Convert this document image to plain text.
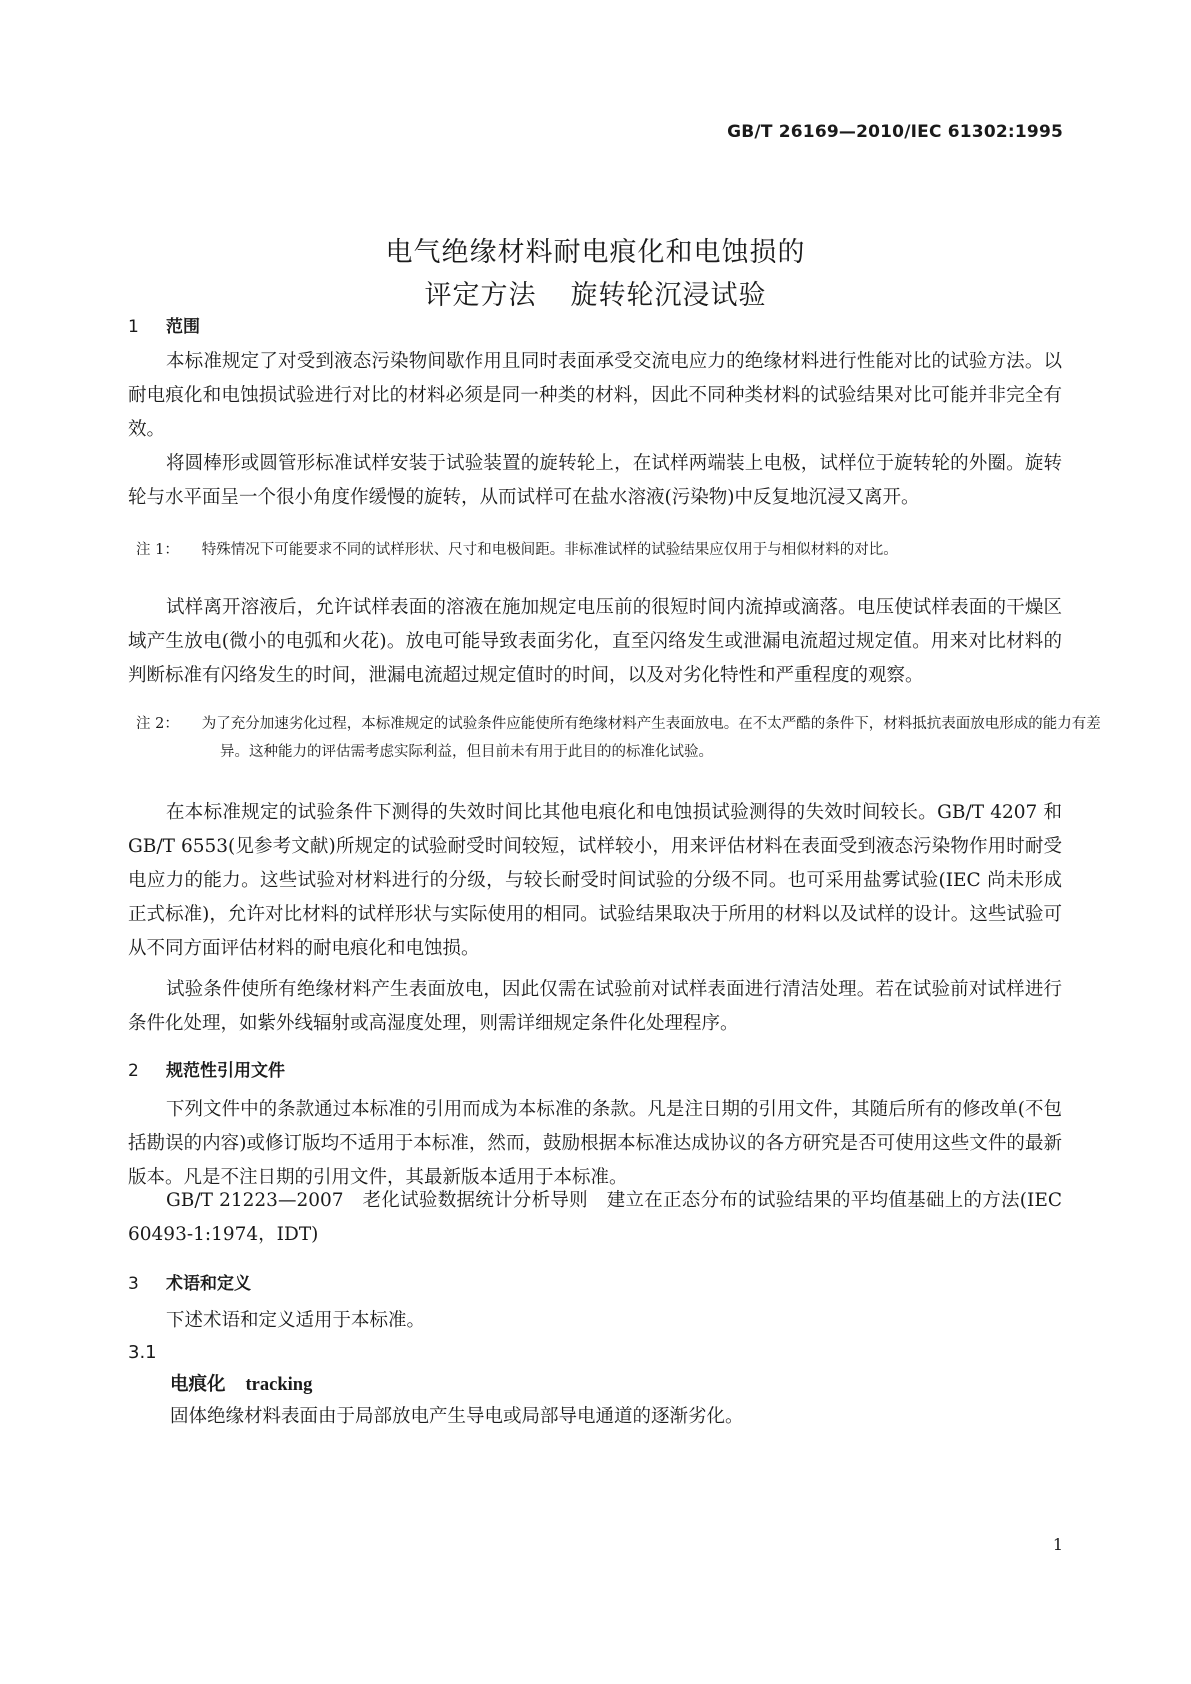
GB/T 26169—2010/IEC 61302:1995
电气绝缘材料耐电痕化和电蚀损的
评定方法 旋转轮沉浸试验
1 范围

本标准规定了对受到液态污染物间歇作用且同时表面承受交流电应力的绝缘材料进行性能对比的试验方法。以耐电痕化和电蚀损试验进行对比的材料必须是同一种类的材料，因此不同种类材料的试验结果对比可能并非完全有效。

将圆棒形或圆管形标准试样安装于试验装置的旋转轮上，在试样两端装上电极，试样位于旋转轮的外圈。旋转轮与水平面呈一个很小角度作缓慢的旋转，从而试样可在盐水溶液(污染物)中反复地沉浸又离开。

注 1： 特殊情况下可能要求不同的试样形状、尺寸和电极间距。非标准试样的试验结果应仅用于与相似材料的对比。

试样离开溶液后，允许试样表面的溶液在施加规定电压前的很短时间内流掉或滴落。电压使试样表面的干燥区域产生放电(微小的电弧和火花)。放电可能导致表面劣化，直至闪络发生或泄漏电流超过规定值。用来对比材料的判断标准有闪络发生的时间，泄漏电流超过规定值时的时间，以及对劣化特性和严重程度的观察。

注 2： 为了充分加速劣化过程，本标准规定的试验条件应能使所有绝缘材料产生表面放电。在不太严酷的条件下，材料抵抗表面放电形成的能力有差异。这种能力的评估需考虑实际利益，但目前未有用于此目的的标准化试验。

在本标准规定的试验条件下测得的失效时间比其他电痕化和电蚀损试验测得的失效时间较长。GB/T 4207 和 GB/T 6553(见参考文献)所规定的试验耐受时间较短，试样较小，用来评估材料在表面受到液态污染物作用时耐受电应力的能力。这些试验对材料进行的分级，与较长耐受时间试验的分级不同。也可采用盐雾试验(IEC 尚未形成正式标准)，允许对比材料的试样形状与实际使用的相同。试验结果取决于所用的材料以及试样的设计。这些试验可从不同方面评估材料的耐电痕化和电蚀损。

试验条件使所有绝缘材料产生表面放电，因此仅需在试验前对试样表面进行清洁处理。若在试验前对试样进行条件化处理，如紫外线辐射或高湿度处理，则需详细规定条件化处理程序。

2 规范性引用文件

下列文件中的条款通过本标准的引用而成为本标准的条款。凡是注日期的引用文件，其随后所有的修改单(不包括勘误的内容)或修订版均不适用于本标准，然而，鼓励根据本标准达成协议的各方研究是否可使用这些文件的最新版本。凡是不注日期的引用文件，其最新版本适用于本标准。

GB/T 21223—2007　老化试验数据统计分析导则　建立在正态分布的试验结果的平均值基础上的方法(IEC 60493-1:1974，IDT)

3 术语和定义

下述术语和定义适用于本标准。

3.1
电痕化 tracking
固体绝缘材料表面由于局部放电产生导电或局部导电通道的逐渐劣化。
1
